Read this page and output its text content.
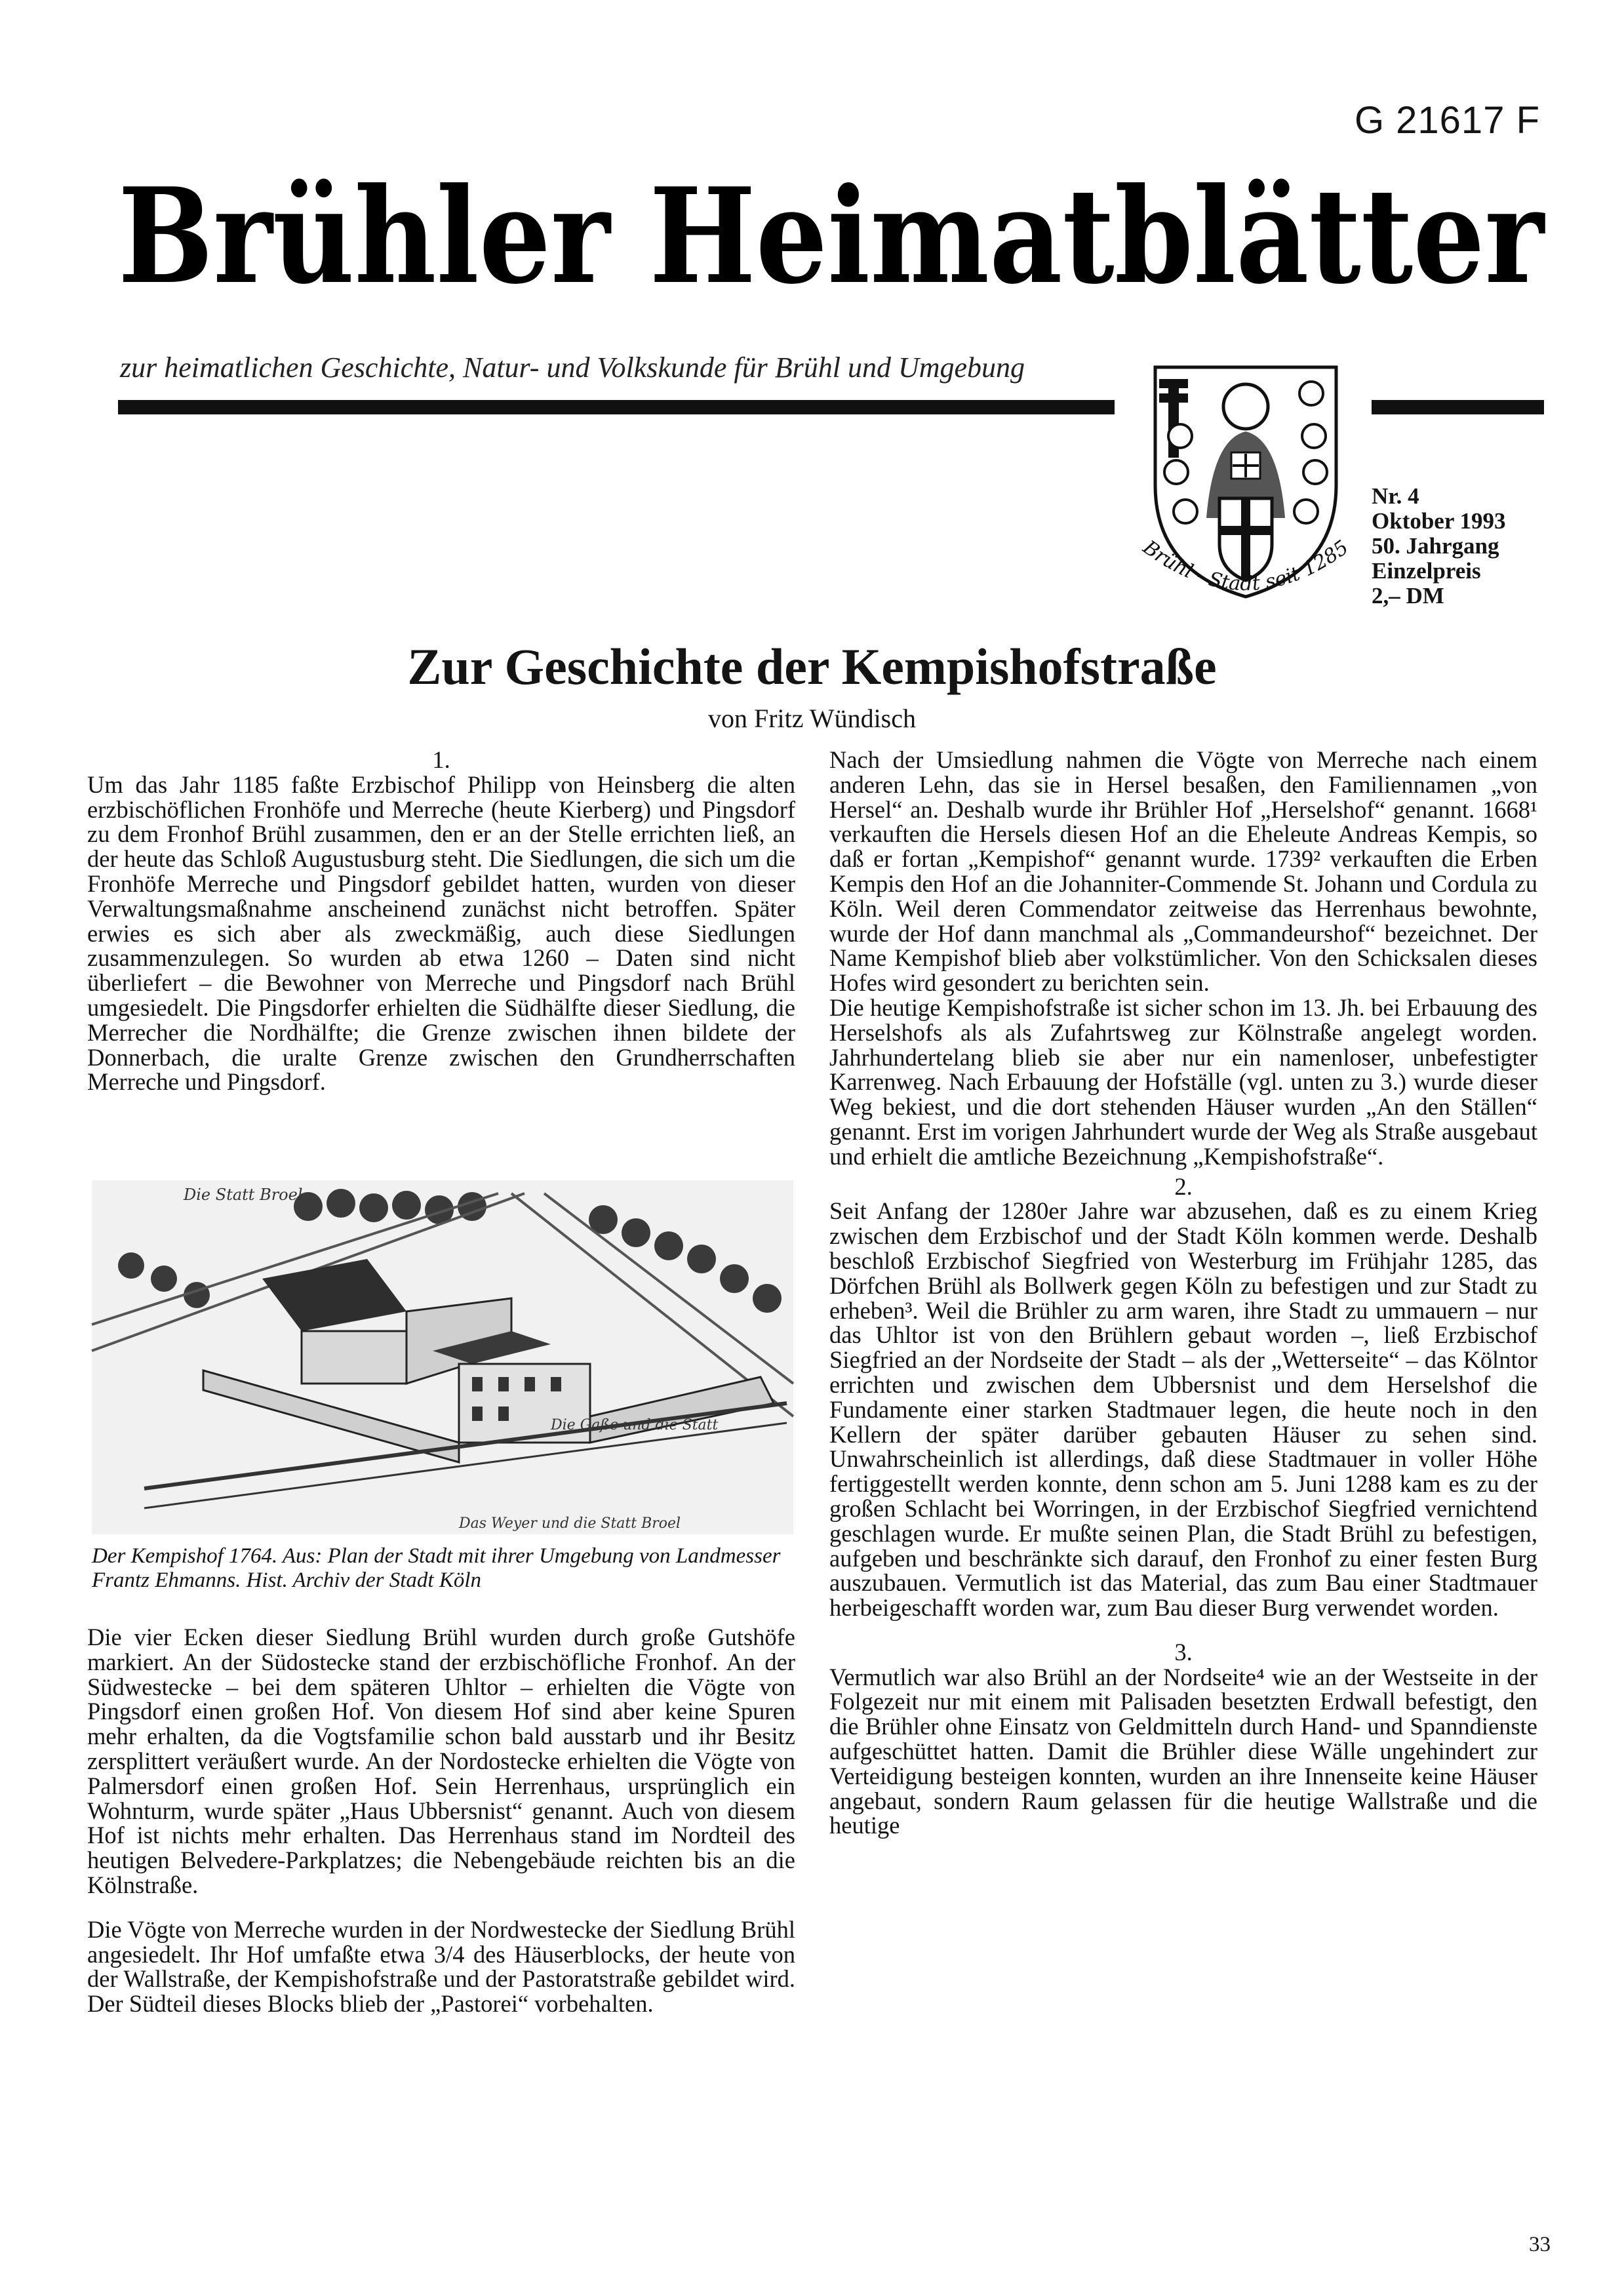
G 21617 F
Brühler Heimatblätter
zur heimatlichen Geschichte, Natur- und Volkskunde für Brühl und Umgebung
Brühl - Stadt seit 1285
Nr. 4
Oktober 1993
50. Jahrgang
Einzelpreis
2,– DM
Zur Geschichte der Kempishofstraße
von Fritz Wündisch
1.

Um das Jahr 1185 faßte Erzbischof Philipp von Heinsberg die alten erzbischöflichen Fronhöfe und Merreche (heute Kierberg) und Pingsdorf zu dem Fronhof Brühl zusammen, den er an der Stelle errichten ließ, an der heute das Schloß Augustusburg steht. Die Siedlungen, die sich um die Fronhöfe Merreche und Pingsdorf gebildet hatten, wurden von dieser Verwaltungsmaßnahme anscheinend zunächst nicht betroffen. Später erwies es sich aber als zweckmäßig, auch diese Siedlungen zusammenzulegen. So wurden ab etwa 1260 – Daten sind nicht überliefert – die Bewohner von Merreche und Pingsdorf nach Brühl umgesiedelt. Die Pingsdorfer erhielten die Südhälfte dieser Siedlung, die Merrecher die Nordhälfte; die Grenze zwischen ihnen bildete der Donnerbach, die uralte Grenze zwischen den Grundherrschaften Merreche und Pingsdorf.

Die Statt Broel
Die Gaße und die Statt
Das Weyer und die Statt Broel
Der Kempishof 1764. Aus: Plan der Stadt mit ihrer Umgebung von Landmesser Frantz Ehmanns. Hist. Archiv der Stadt Köln

Die vier Ecken dieser Siedlung Brühl wurden durch große Gutshöfe markiert. An der Südostecke stand der erzbischöfliche Fronhof. An der Südwestecke – bei dem späteren Uhltor – erhielten die Vögte von Pingsdorf einen großen Hof. Von diesem Hof sind aber keine Spuren mehr erhalten, da die Vogtsfamilie schon bald ausstarb und ihr Besitz zersplittert veräußert wurde. An der Nordostecke erhielten die Vögte von Palmersdorf einen großen Hof. Sein Herrenhaus, ursprünglich ein Wohnturm, wurde später „Haus Ubbersnist“ genannt. Auch von diesem Hof ist nichts mehr erhalten. Das Herrenhaus stand im Nordteil des heutigen Belvedere-Parkplatzes; die Nebengebäude reichten bis an die Kölnstraße.

Die Vögte von Merreche wurden in der Nordwestecke der Siedlung Brühl angesiedelt. Ihr Hof umfaßte etwa 3/4 des Häuserblocks, der heute von der Wallstraße, der Kempishofstraße und der Pastoratstraße gebildet wird. Der Südteil dieses Blocks blieb der „Pastorei“ vorbehalten.

Nach der Umsiedlung nahmen die Vögte von Merreche nach einem anderen Lehn, das sie in Hersel besaßen, den Familiennamen „von Hersel“ an. Deshalb wurde ihr Brühler Hof „Herselshof“ genannt. 1668¹ verkauften die Hersels diesen Hof an die Eheleute Andreas Kempis, so daß er fortan „Kempishof“ genannt wurde. 1739² verkauften die Erben Kempis den Hof an die Johanniter-Commende St. Johann und Cordula zu Köln. Weil deren Commendator zeitweise das Herrenhaus bewohnte, wurde der Hof dann manchmal als „Commandeurshof“ bezeichnet. Der Name Kempishof blieb aber volkstümlicher. Von den Schicksalen dieses Hofes wird gesondert zu berichten sein.

Die heutige Kempishofstraße ist sicher schon im 13. Jh. bei Erbauung des Herselshofs als als Zufahrtsweg zur Kölnstraße angelegt worden. Jahrhundertelang blieb sie aber nur ein namenloser, unbefestigter Karrenweg. Nach Erbauung der Hofställe (vgl. unten zu 3.) wurde dieser Weg bekiest, und die dort stehenden Häuser wurden „An den Ställen“ genannt. Erst im vorigen Jahrhundert wurde der Weg als Straße ausgebaut und erhielt die amtliche Bezeichnung „Kempishofstraße“.

2.

Seit Anfang der 1280er Jahre war abzusehen, daß es zu einem Krieg zwischen dem Erzbischof und der Stadt Köln kommen werde. Deshalb beschloß Erzbischof Siegfried von Westerburg im Frühjahr 1285, das Dörfchen Brühl als Bollwerk gegen Köln zu befestigen und zur Stadt zu erheben³. Weil die Brühler zu arm waren, ihre Stadt zu ummauern – nur das Uhltor ist von den Brühlern gebaut worden –, ließ Erzbischof Siegfried an der Nordseite der Stadt – als der „Wetterseite“ – das Kölntor errichten und zwischen dem Ubbersnist und dem Herselshof die Fundamente einer starken Stadtmauer legen, die heute noch in den Kellern der später darüber gebauten Häuser zu sehen sind. Unwahrscheinlich ist allerdings, daß diese Stadtmauer in voller Höhe fertiggestellt werden konnte, denn schon am 5. Juni 1288 kam es zu der großen Schlacht bei Worringen, in der Erzbischof Siegfried vernichtend geschlagen wurde. Er mußte seinen Plan, die Stadt Brühl zu befestigen, aufgeben und beschränkte sich darauf, den Fronhof zu einer festen Burg auszubauen. Vermutlich ist das Material, das zum Bau einer Stadtmauer herbeigeschafft worden war, zum Bau dieser Burg verwendet worden.

3.

Vermutlich war also Brühl an der Nordseite⁴ wie an der Westseite in der Folgezeit nur mit einem mit Palisaden besetzten Erdwall befestigt, den die Brühler ohne Einsatz von Geldmitteln durch Hand- und Spanndienste aufgeschüttet hatten. Damit die Brühler diese Wälle ungehindert zur Verteidigung besteigen konnten, wurden an ihre Innenseite keine Häuser angebaut, sondern Raum gelassen für die heutige Wallstraße und die heutige

33
